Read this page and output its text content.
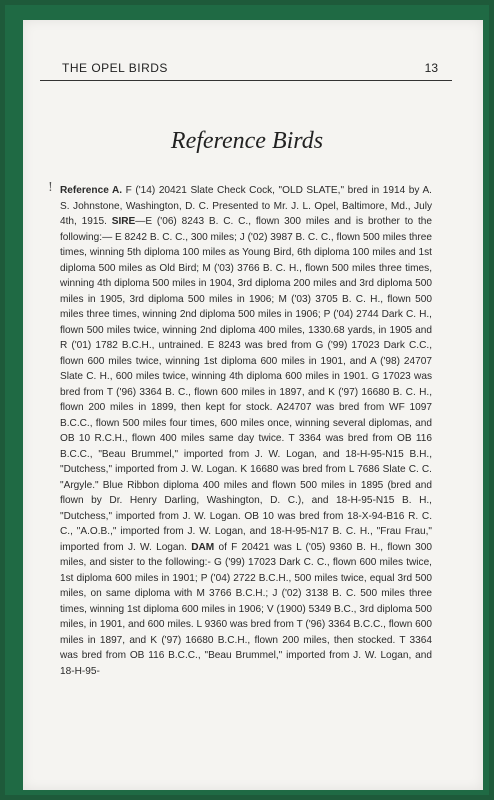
THE OPEL BIRDS	13
Reference Birds
! Reference A. F ('14) 20421 Slate Check Cock, "OLD SLATE," bred in 1914 by A. S. Johnstone, Washington, D. C. Presented to Mr. J. L. Opel, Baltimore, Md., July 4th, 1915. SIRE—E ('06) 8243 B. C. C., flown 300 miles and is brother to the following:— E 8242 B. C. C., 300 miles; J ('02) 3987 B. C. C., flown 500 miles three times, winning 5th diploma 100 miles as Young Bird, 6th diploma 100 miles and 1st diploma 500 miles as Old Bird; M ('03) 3766 B. C. H., flown 500 miles three times, winning 4th diploma 500 miles in 1904, 3rd diploma 200 miles and 3rd diploma 500 miles in 1905, 3rd diploma 500 miles in 1906; M ('03) 3705 B. C. H., flown 500 miles three times, winning 2nd diploma 500 miles in 1906; P ('04) 2744 Dark C. H., flown 500 miles twice, winning 2nd diploma 400 miles, 1330.68 yards, in 1905 and R ('01) 1782 B.C.H., untrained. E 8243 was bred from G ('99) 17023 Dark C.C., flown 600 miles twice, winning 1st diploma 600 miles in 1901, and A ('98) 24707 Slate C. H., 600 miles twice, winning 4th diploma 600 miles in 1901. G 17023 was bred from T ('96) 3364 B. C., flown 600 miles in 1897, and K ('97) 16680 B. C. H., flown 200 miles in 1899, then kept for stock. A24707 was bred from WF 1097 B.C.C., flown 500 miles four times, 600 miles once, winning several diplomas, and OB 10 R.C.H., flown 400 miles same day twice. T 3364 was bred from OB 116 B.C.C., "Beau Brummel," imported from J. W. Logan, and 18-H-95-N15 B.H., "Dutchess," imported from J. W. Logan. K 16680 was bred from L 7686 Slate C. C. "Argyle." Blue Ribbon diploma 400 miles and flown 500 miles in 1895 (bred and flown by Dr. Henry Darling, Washington, D. C.), and 18-H-95-N15 B. H., "Dutchess," imported from J. W. Logan. OB 10 was bred from 18-X-94-B16 R. C. C., "A.O.B.," imported from J. W. Logan, and 18-H-95-N17 B. C. H., "Frau Frau," imported from J. W. Logan. DAM of F 20421 was L ('05) 9360 B. H., flown 300 miles, and sister to the following:- G ('99) 17023 Dark C. C., flown 600 miles twice, 1st diploma 600 miles in 1901; P ('04) 2722 B.C.H., 500 miles twice, equal 3rd 500 miles, on same diploma with M 3766 B.C.H.; J ('02) 3138 B. C. 500 miles three times, winning 1st diploma 600 miles in 1906; V (1900) 5349 B.C., 3rd diploma 500 miles, in 1901, and 600 miles. L 9360 was bred from T ('96) 3364 B.C.C., flown 600 miles in 1897, and K ('97) 16680 B.C.H., flown 200 miles, then stocked. T 3364 was bred from OB 116 B.C.C., "Beau Brummel," imported from J. W. Logan, and 18-H-95-
